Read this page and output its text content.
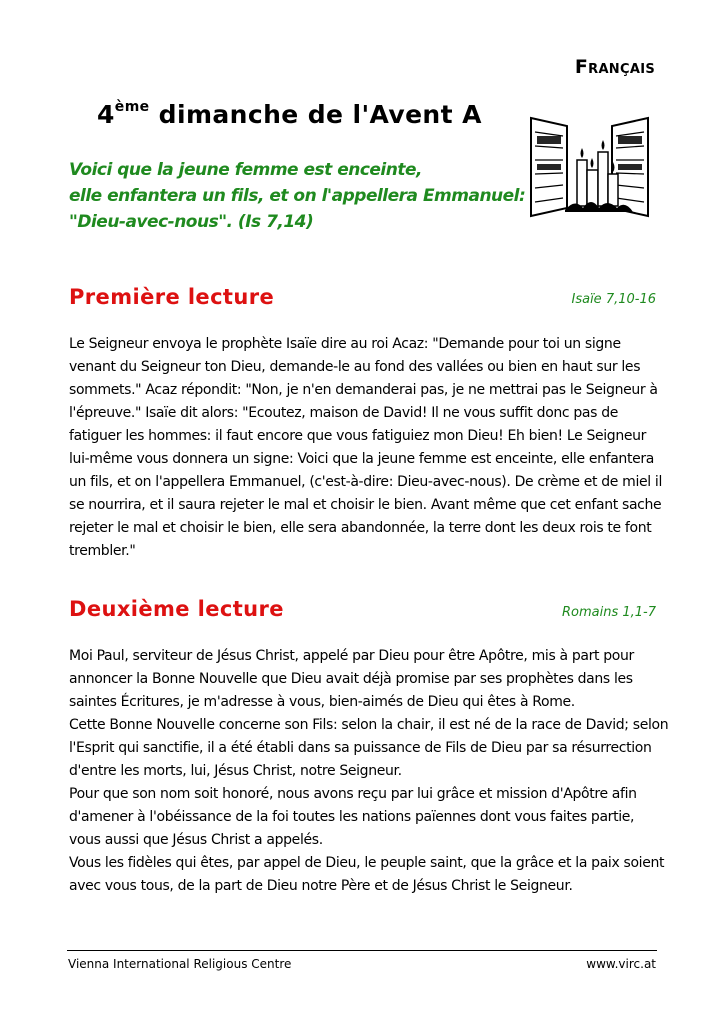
Français
4ème dimanche de l'Avent A
Voici que la jeune femme est enceinte,
elle enfantera un fils, et on l'appellera Emmanuel:
"Dieu-avec-nous". (Is 7,14)
Première lecture	Isaïe 7,10-16

Le Seigneur envoya le prophète Isaïe dire au roi Acaz: "Demande pour toi un signe venant du Seigneur ton Dieu, demande-le au fond des vallées ou bien en haut sur les sommets." Acaz répondit: "Non, je n'en demanderai pas, je ne mettrai pas le Seigneur à l'épreuve." Isaïe dit alors: "Ecoutez, maison de David! Il ne vous suffit donc pas de fatiguer les hommes: il faut encore que vous fatiguiez mon Dieu! Eh bien! Le Seigneur lui-même vous donnera un signe: Voici que la jeune femme est enceinte, elle enfantera un fils, et on l'appellera Emmanuel, (c'est-à-dire: Dieu-avec-nous). De crème et de miel il se nourrira, et il saura rejeter le mal et choisir le bien. Avant même que cet enfant sache rejeter le mal et choisir le bien, elle sera abandonnée, la terre dont les deux rois te font trembler."

Deuxième lecture	Romains 1,1-7

Moi Paul, serviteur de Jésus Christ, appelé par Dieu pour être Apôtre, mis à part pour annoncer la Bonne Nouvelle que Dieu avait déjà promise par ses prophètes dans les saintes Écritures, je m'adresse à vous, bien-aimés de Dieu qui êtes à Rome.

Cette Bonne Nouvelle concerne son Fils: selon la chair, il est né de la race de David; selon l'Esprit qui sanctifie, il a été établi dans sa puissance de Fils de Dieu par sa résurrection d'entre les morts, lui, Jésus Christ, notre Seigneur.

Pour que son nom soit honoré, nous avons reçu par lui grâce et mission d'Apôtre afin d'amener à l'obéissance de la foi toutes les nations païennes dont vous faites partie, vous aussi que Jésus Christ a appelés.

Vous les fidèles qui êtes, par appel de Dieu, le peuple saint, que la grâce et la paix soient avec vous tous, de la part de Dieu notre Père et de Jésus Christ le Seigneur.

Vienna International Religious Centre	www.virc.at
